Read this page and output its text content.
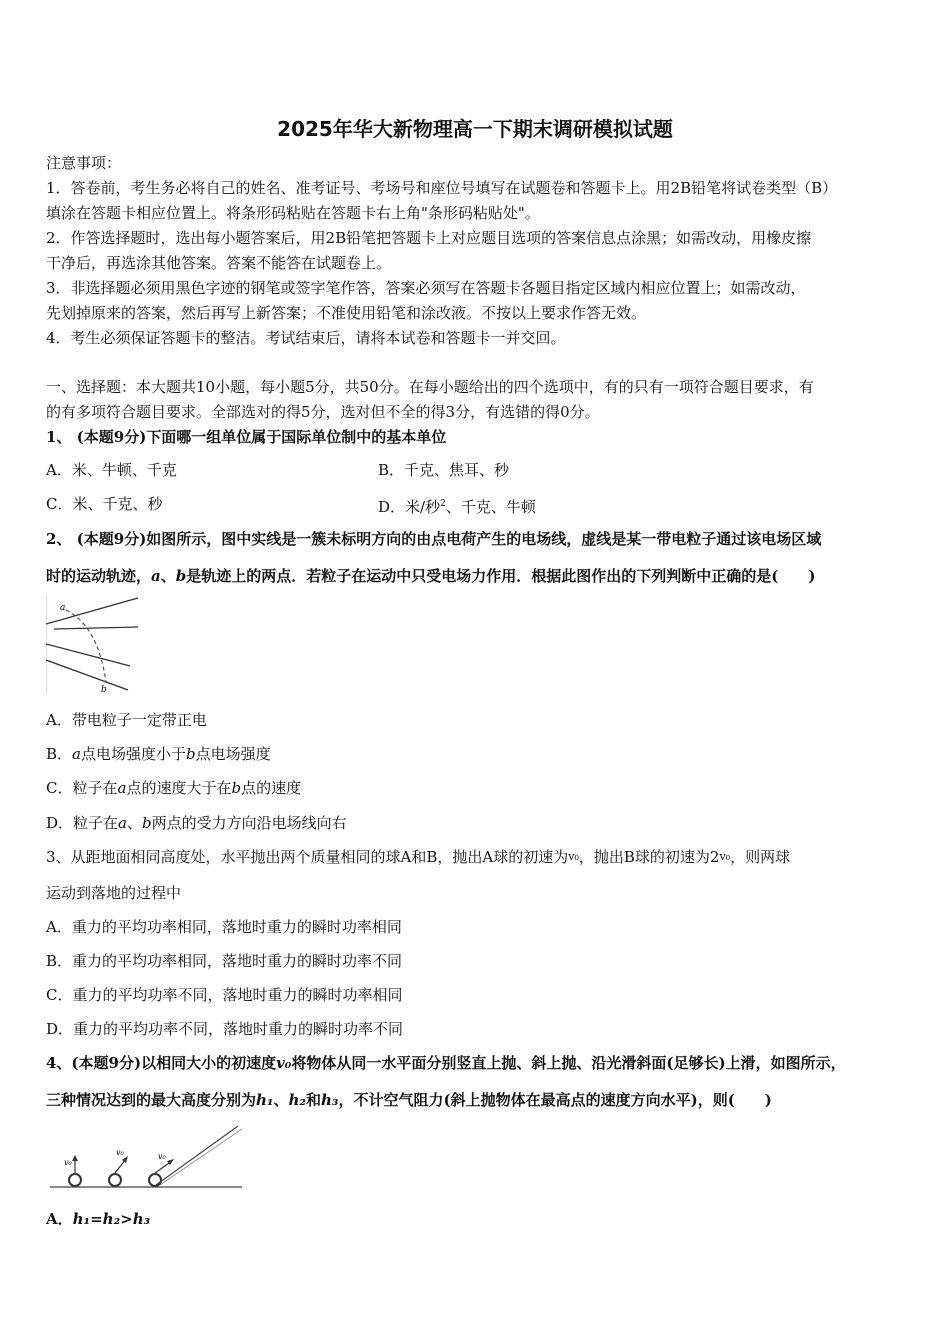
2025年华大新物理高一下期末调研模拟试题
注意事项：
1．答卷前，考生务必将自己的姓名、准考证号、考场号和座位号填写在试题卷和答题卡上。用2B铅笔将试卷类型（B）
填涂在答题卡相应位置上。将条形码粘贴在答题卡右上角"条形码粘贴处"。
2．作答选择题时，选出每小题答案后，用2B铅笔把答题卡上对应题目选项的答案信息点涂黑；如需改动，用橡皮擦
干净后，再选涂其他答案。答案不能答在试题卷上。
3．非选择题必须用黑色字迹的钢笔或签字笔作答，答案必须写在答题卡各题目指定区域内相应位置上；如需改动，
先划掉原来的答案，然后再写上新答案；不准使用铅笔和涂改液。不按以上要求作答无效。
4．考生必须保证答题卡的整洁。考试结束后，请将本试卷和答题卡一并交回。
一、选择题：本大题共10小题，每小题5分，共50分。在每小题给出的四个选项中，有的只有一项符合题目要求，有
的有多项符合题目要求。全部选对的得5分，选对但不全的得3分，有选错的得0分。
1、 (本题9分)下面哪一组单位属于国际单位制中的基本单位
A．米、牛顿、千克	B．千克、焦耳、秒
C．米、千克、秒	D．米/秒$^2$、千克、牛顿
2、 (本题9分)如图所示，图中实线是一簇未标明方向的由点电荷产生的电场线，虚线是某一带电粒子通过该电场区域
时的运动轨迹，a、b是轨迹上的两点．若粒子在运动中只受电场力作用．根据此图作出的下列判断中正确的是(　　)
a
b
A．带电粒子一定带正电
B．a点电场强度小于b点电场强度
C．粒子在a点的速度大于在b点的速度
D．粒子在a、b两点的受力方向沿电场线向右
3、从距地面相同高度处，水平抛出两个质量相同的球A和B，抛出A球的初速为v₀，抛出B球的初速为2v₀，则两球
运动到落地的过程中
A．重力的平均功率相同，落地时重力的瞬时功率相同
B．重力的平均功率相同，落地时重力的瞬时功率不同
C．重力的平均功率不同，落地时重力的瞬时功率相同
D．重力的平均功率不同，落地时重力的瞬时功率不同
4、(本题9分)以相同大小的初速度v₀将物体从同一水平面分别竖直上抛、斜上抛、沿光滑斜面(足够长)上滑，如图所示，
三种情况达到的最大高度分别为h₁、h₂和h₃，不计空气阻力(斜上抛物体在最高点的速度方向水平)，则(　　)
v₀
v₀	v₀
A．h₁=h₂>h₃
